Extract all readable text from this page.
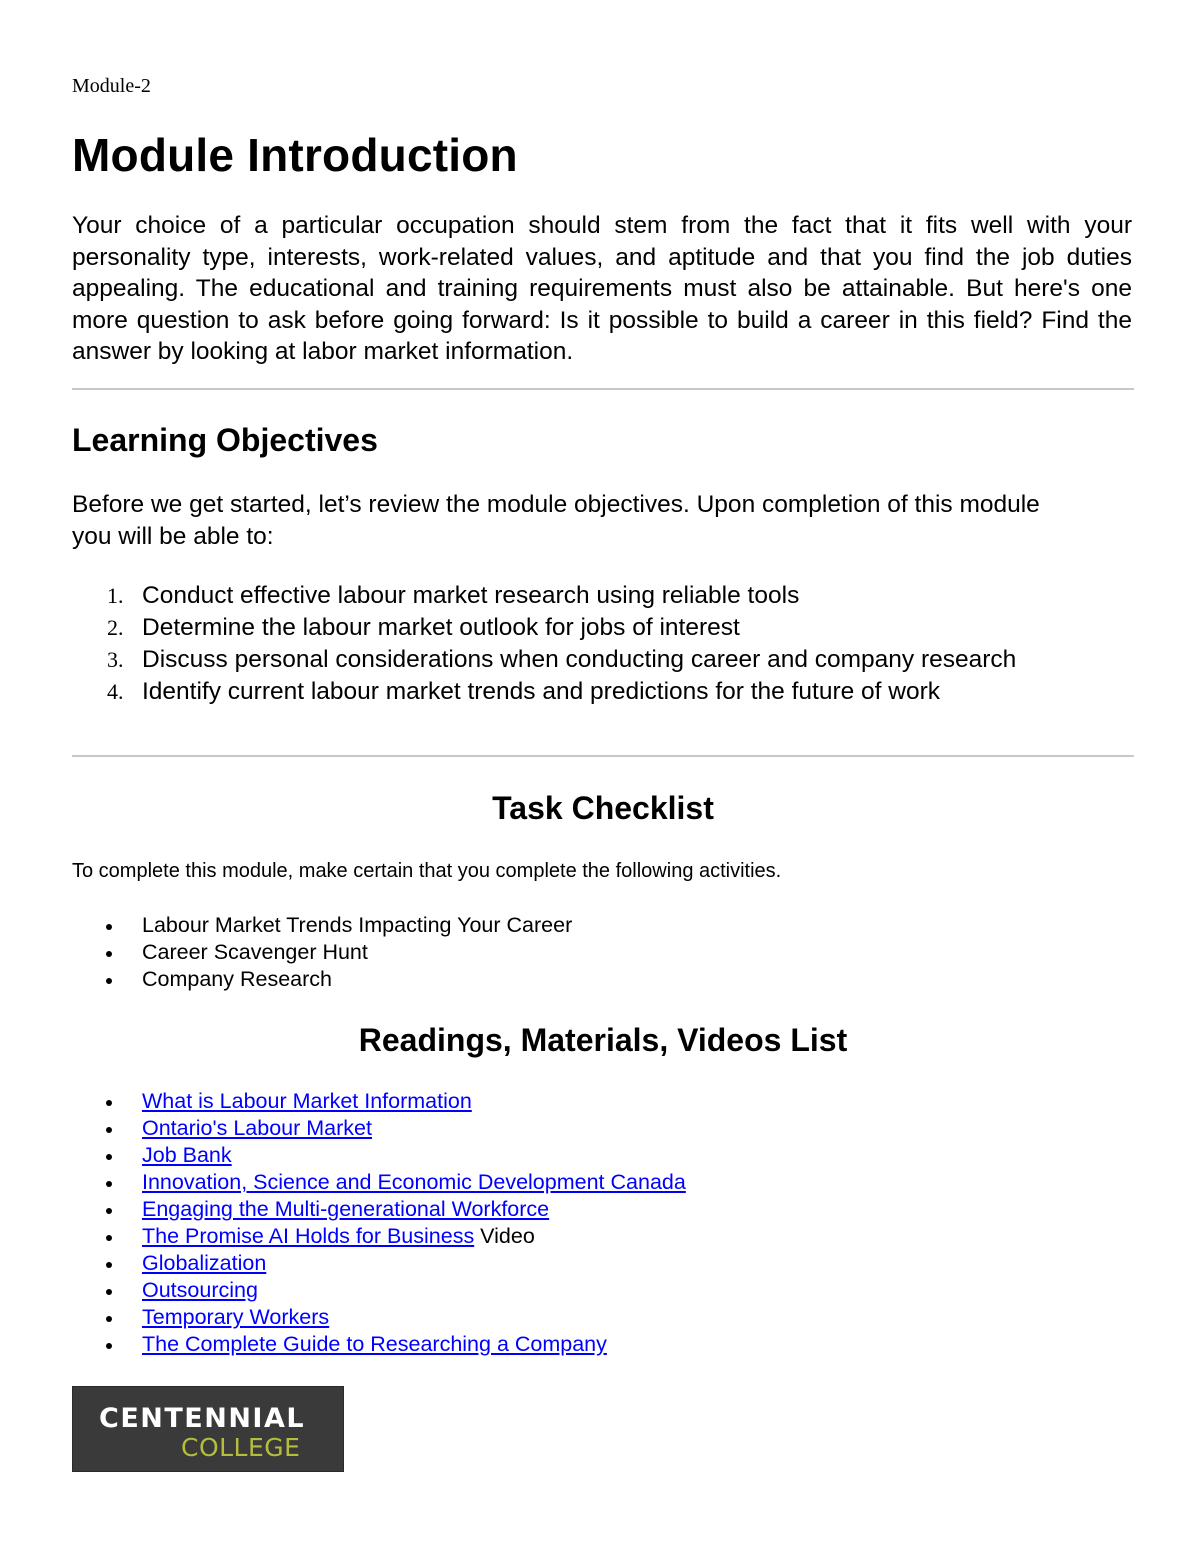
Module-2
Module Introduction

Your choice of a particular occupation should stem from the fact that it fits well with your personality type, interests, work-related values, and aptitude and that you find the job duties appealing. The educational and training requirements must also be attainable. But here's one more question to ask before going forward: Is it possible to build a career in this field? Find the answer by looking at labor market information.

Learning Objectives

Before we get started, let’s review the module objectives. Upon completion of this module you will be able to:

1. Conduct effective labour market research using reliable tools
2. Determine the labour market outlook for jobs of interest
3. Discuss personal considerations when conducting career and company research
4. Identify current labour market trends and predictions for the future of work
Task Checklist

To complete this module, make certain that you complete the following activities.

Labour Market Trends Impacting Your Career
Career Scavenger Hunt
Company Research
Readings, Materials, Videos List
What is Labour Market Information
Ontario's Labour Market
Job Bank
Innovation, Science and Economic Development Canada
Engaging the Multi-generational Workforce
The Promise AI Holds for Business Video
Globalization
Outsourcing
Temporary Workers
The Complete Guide to Researching a Company
CENTENNIAL
COLLEGE
